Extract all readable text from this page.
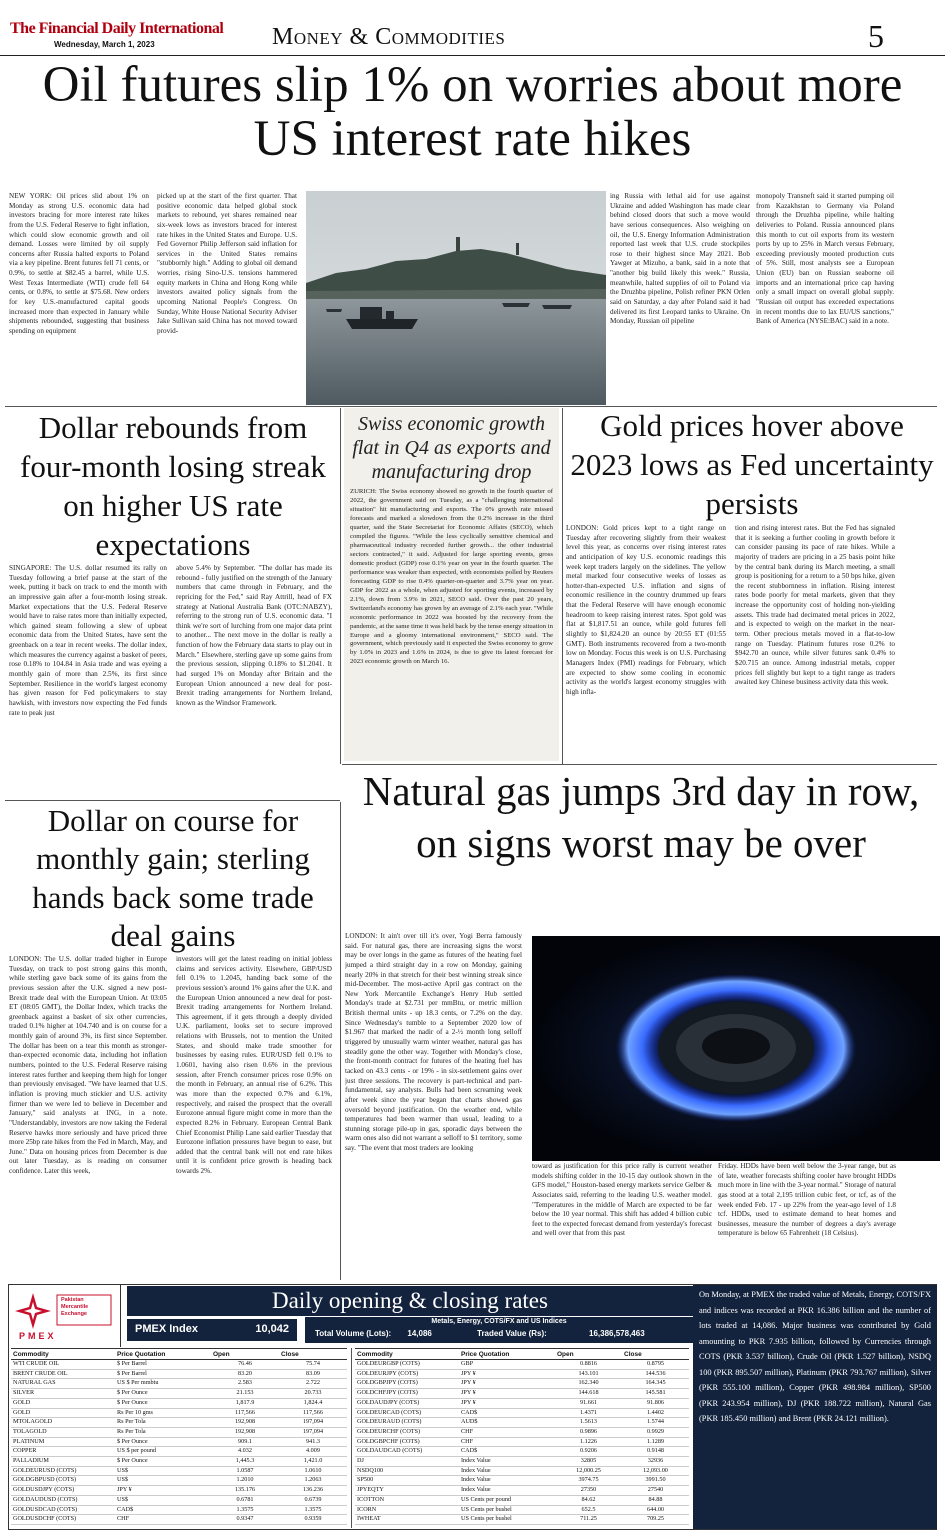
The Financial Daily International
Wednesday, March 1, 2023	Money & Commodities	5
Oil futures slip 1% on worries about more US interest rate hikes
NEW YORK: Oil prices slid about 1% on Monday as strong U.S. economic data had investors bracing for more interest rate hikes from the U.S. Federal Reserve to fight inflation, which could slow economic growth and oil demand. Losses were limited by oil supply concerns after Russia halted exports to Poland via a key pipeline. Brent futures fell 71 cents, or 0.9%, to settle at $82.45 a barrel, while U.S. West Texas Intermediate (WTI) crude fell 64 cents, or 0.8%, to settle at $75.68. New orders for key U.S.-manufactured capital goods increased more than expected in January while shipments rebounded, suggesting that business spending on equipment
picked up at the start of the first quarter. That positive economic data helped global stock markets to rebound, yet shares remained near six-week lows as investors braced for interest rate hikes in the United States and Europe. U.S. Fed Governor Philip Jefferson said inflation for services in the United States remains "stubbornly high." Adding to global oil demand worries, rising Sino-U.S. tensions hammered equity markets in China and Hong Kong while investors awaited policy signals from the upcoming National People's Congress. On Sunday, White House National Security Adviser Jake Sullivan said China has not moved toward provid-
ing Russia with lethal aid for use against Ukraine and added Washington has made clear behind closed doors that such a move would have serious consequences. Also weighing on oil, the U.S. Energy Information Administration reported last week that U.S. crude stockpiles rose to their highest since May 2021. Bob Yawger at Mizuho, a bank, said in a note that "another big build likely this week." Russia, meanwhile, halted supplies of oil to Poland via the Druzhba pipeline, Polish refiner PKN Orlen said on Saturday, a day after Poland said it had delivered its first Leopard tanks to Ukraine. On Monday, Russian oil pipeline
monopoly Transneft said it started pumping oil from Kazakhstan to Germany via Poland through the Druzhba pipeline, while halting deliveries to Poland. Russia announced plans this month to cut oil exports from its western ports by up to 25% in March versus February, exceeding previously mooted production cuts of 5%. Still, most analysts see a European Union (EU) ban on Russian seaborne oil imports and an international price cap having only a small impact on overall global supply. "Russian oil output has exceeded expectations in recent months due to lax EU/US sanctions," Bank of America (NYSE:BAC) said in a note.
Dollar rebounds from four-month losing streak on higher US rate expectations
SINGAPORE: The U.S. dollar resumed its rally on Tuesday following a brief pause at the start of the week, putting it back on track to end the month with an impressive gain after a four-month losing streak. Market expectations that the U.S. Federal Reserve would have to raise rates more than initially expected, which gained steam following a slew of upbeat economic data from the United States, have sent the greenback on a tear in recent weeks. The dollar index, which measures the currency against a basket of peers, rose 0.18% to 104.84 in Asia trade and was eyeing a monthly gain of more than 2.5%, its first since September. Resilience in the world's largest economy has given reason for Fed policymakers to stay hawkish, with investors now expecting the Fed funds rate to peak just
above 5.4% by September. "The dollar has made its rebound - fully justified on the strength of the January numbers that came through in February, and the repricing for the Fed," said Ray Attrill, head of FX strategy at National Australia Bank (OTC:NABZY), referring to the strong run of U.S. economic data. "I think we're sort of lurching from one major data print to another... The next move in the dollar is really a function of how the February data starts to play out in March." Elsewhere, sterling gave up some gains from the previous session, slipping 0.18% to $1.2041. It had surged 1% on Monday after Britain and the European Union announced a new deal for post-Brexit trading arrangements for Northern Ireland, known as the Windsor Framework.
Swiss economic growth flat in Q4 as exports and manufacturing drop
ZURICH: The Swiss economy showed no growth in the fourth quarter of 2022, the government said on Tuesday, as a "challenging international situation" hit manufacturing and exports. The 0% growth rate missed forecasts and marked a slowdown from the 0.2% increase in the third quarter, said the State Secretariat for Economic Affairs (SECO), which compiled the figures. "While the less cyclically sensitive chemical and pharmaceutical industry recorded further growth... the other industrial sectors contracted," it said. Adjusted for large sporting events, gross domestic product (GDP) rose 0.1% year on year in the fourth quarter. The performance was weaker than expected, with economists polled by Reuters forecasting GDP to rise 0.4% quarter-on-quarter and 3.7% year on year. GDP for 2022 as a whole, when adjusted for sporting events, increased by 2.1%, down from 3.9% in 2021, SECO said. Over the past 20 years, Switzerland's economy has grown by an average of 2.1% each year. "While economic performance in 2022 was boosted by the recovery from the pandemic, at the same time it was held back by the tense energy situation in Europe and a gloomy international environment," SECO said. The government, which previously said it expected the Swiss economy to grow by 1.0% in 2023 and 1.6% in 2024, is due to give its latest forecast for 2023 economic growth on March 16.
Gold prices hover above 2023 lows as Fed uncertainty persists
LONDON: Gold prices kept to a tight range on Tuesday after recovering slightly from their weakest level this year, as concerns over rising interest rates and anticipation of key U.S. economic readings this week kept traders largely on the sidelines. The yellow metal marked four consecutive weeks of losses as hotter-than-expected U.S. inflation and signs of economic resilience in the country drummed up fears that the Federal Reserve will have enough economic headroom to keep raising interest rates. Spot gold was flat at $1,817.51 an ounce, while gold futures fell slightly to $1,824.20 an ounce by 20:55 ET (01:55 GMT). Both instruments recovered from a two-month low on Monday. Focus this week is on U.S. Purchasing Managers Index (PMI) readings for February, which are expected to show some cooling in economic activity as the world's largest economy struggles with high infla-
tion and rising interest rates. But the Fed has signaled that it is seeking a further cooling in growth before it can consider pausing its pace of rate hikes. While a majority of traders are pricing in a 25 basis point hike by the central bank during its March meeting, a small group is positioning for a return to a 50 bps hike, given the recent stubbornness in inflation. Rising interest rates bode poorly for metal markets, given that they increase the opportunity cost of holding non-yielding assets. This trade had decimated metal prices in 2022, and is expected to weigh on the market in the near-term. Other precious metals moved in a flat-to-low range on Tuesday. Platinum futures rose 0.2% to $942.70 an ounce, while silver futures sank 0.4% to $20.715 an ounce. Among industrial metals, copper prices fell slightly but kept to a tight range as traders awaited key Chinese business activity data this week.
Dollar on course for monthly gain; sterling hands back some trade deal gains
LONDON: The U.S. dollar traded higher in Europe Tuesday, on track to post strong gains this month, while sterling gave back some of its gains from the previous session after the U.K. signed a new post-Brexit trade deal with the European Union. At 03:05 ET (08:05 GMT), the Dollar Index, which tracks the greenback against a basket of six other currencies, traded 0.1% higher at 104.740 and is on course for a monthly gain of around 3%, its first since September. The dollar has been on a tear this month as stronger-than-expected economic data, including hot inflation numbers, pointed to the U.S. Federal Reserve raising interest rates further and keeping them high for longer than previously envisaged. "We have learned that U.S. inflation is proving much stickier and U.S. activity firmer than we were led to believe in December and January," said analysts at ING, in a note. "Understandably, investors are now taking the Federal Reserve hawks more seriously and have priced three more 25bp rate hikes from the Fed in March, May, and June." Data on housing prices from December is due out later Tuesday, as is reading on consumer confidence. Later this week,
investors will get the latest reading on initial jobless claims and services activity. Elsewhere, GBP/USD fell 0.1% to 1.2045, handing back some of the previous session's around 1% gains after the U.K. and the European Union announced a new deal for post-Brexit trading arrangements for Northern Ireland. This agreement, if it gets through a deeply divided U.K. parliament, looks set to secure improved relations with Brussels, not to mention the United States, and should make trade smoother for businesses by easing rules. EUR/USD fell 0.1% to 1.0601, having also risen 0.6% in the previous session, after French consumer prices rose 0.9% on the month in February, an annual rise of 6.2%. This was more than the expected 0.7% and 6.1%, respectively, and raised the prospect that the overall Eurozone annual figure might come in more than the expected 8.2% in February. European Central Bank Chief Economist Philip Lane said earlier Tuesday that Eurozone inflation pressures have begun to ease, but added that the central bank will not end rate hikes until it is confident price growth is heading back towards 2%.
Natural gas jumps 3rd day in row, on signs worst may be over
LONDON: It ain't over till it's over, Yogi Berra famously said. For natural gas, there are increasing signs the worst may be over longs in the game as futures of the heating fuel jumped a third straight day in a row on Monday, gaining nearly 20% in that stretch for their best winning streak since mid-December. The most-active April gas contract on the New York Mercantile Exchange's Henry Hub settled Monday's trade at $2.731 per mmBtu, or metric million British thermal units - up 18.3 cents, or 7.2% on the day. Since Wednesday's tumble to a September 2020 low of $1.967 that marked the nadir of a 2-½ month long selloff triggered by unusually warm winter weather, natural gas has steadily gone the other way. Together with Monday's close, the front-month contract for futures of the heating fuel has tacked on 43.3 cents - or 19% - in six-settlement gains over just three sessions. The recovery is part-technical and part-fundamental, say analysts. Bulls had been screaming week after week since the year began that charts showed gas oversold beyond justification. On the weather end, while temperatures had been warmer than usual, leading to a stunning storage pile-up in gas, sporadic days between the warm ones also did not warrant a selloff to $1 territory, some say. "The event that most traders are looking
toward as justification for this price rally is current weather models shifting colder in the 10-15 day outlook shown in the GFS model," Houston-based energy markets service Gelber & Associates said, referring to the leading U.S. weather model. "Temperatures in the middle of March are expected to be far below the 10 year normal. This shift has added 4 billion cubic feet to the expected forecast demand from yesterday's forecast and well over that from this past
Friday. HDDs have been well below the 3-year range, but as of late, weather forecasts shifting cooler have brought HDDs much more in line with the 3-year normal." Storage of natural gas stood at a total 2,195 trillion cubic feet, or tcf, as of the week ended Feb. 17 - up 22% from the year-ago level of 1.8 tcf. HDDs, used to estimate demand to heat homes and businesses, measure the number of degrees a day's average temperature is below 65 Fahrenheit (18 Celsius).
Pakistan Mercantile Exchange
PMEX
Daily opening & closing rates
PMEX Index	10,042
Metals, Energy, COTS/FX and US Indices
Total Volume (Lots): 14,086	Traded Value (Rs):	16,386,578,463
Commodity	Price Quotation	Open	Close
WTI CRUDE OIL	$ Per Barrel	76.46	75.74
BRENT CRUDE OIL	$ Per Barrel	83.20	83.09
NATURAL GAS	US $ Per mmbtu	2.583	2.722
SILVER	$ Per Ounce	21.153	20.733
GOLD	$ Per Ounce	1,817.9	1,824.4
GOLD	Rs Per 10 gms	117,566	117,566
MTOLAGOLD	Rs Per Tola	192,908	197,094
TOLAGOLD	Rs Per Tola	192,908	197,094
PLATINUM	$ Per Ounce	909.1	941.3
COPPER	US $ per pound	4.032	4.009
PALLADIUM	$ Per Ounce	1,445.3	1,421.0
GOLDEURUSD (COTS)	US$	1.0587	1.0610
GOLDGBPUSD (COTS)	US$	1.2010	1.2063
GOLDUSDJPY (COTS)	JPY ¥	135.176	136.236
GOLDAUDUSD (COTS)	US$	0.6781	0.6739
GOLDUSDCAD (COTS)	CAD$	1.3575	1.3575
GOLDUSDCHF (COTS)	CHF	0.9347	0.9359
Commodity	Price Quotation	Open	Close
GOLDEURGBP (COTS)	GBP	0.8816	0.8795
GOLDEURJPY (COTS)	JPY ¥	143.101	144.536
GOLDGBPJPY (COTS)	JPY ¥	162.340	164.345
GOLDCHFJPY (COTS)	JPY ¥	144.618	145.581
GOLDAUDJPY (COTS)	JPY ¥	91.661	91.806
GOLDEURCAD (COTS)	CAD$	1.4371	1.4402
GOLDEURAUD (COTS)	AUD$	1.5613	1.5744
GOLDEURCHF (COTS)	CHF	0.9896	0.9929
GOLDGBPCHF (COTS)	CHF	1.1226	1.1289
GOLDAUDCAD (COTS)	CAD$	0.9206	0.9148
DJ	Index Value	32805	32936
NSDQ100	Index Value	12,000.25	12,093.00
SP500	Index Value	3974.75	3991.50
JPYEQTY	Index Value	27350	27540
ICOTTON	US Cents per pound	84.62	84.88
ICORN	US Cents per bushel	652.5	644.00
IWHEAT	US Cents per bushel	711.25	709.25
On Monday, at PMEX the traded value of Metals, Energy, COTS/FX and indices was recorded at PKR 16.386 billion and the number of lots traded at 14,086. Major business was contributed by Gold amounting to PKR 7.935 billion, followed by Currencies through COTS (PKR 3.537 billion), Crude Oil (PKR 1.527 billion), NSDQ 100 (PKR 895.507 million), Platinum (PKR 793.767 million), Silver (PKR 555.100 million), Copper (PKR 498.984 million), SP500 (PKR 243.954 million), DJ (PKR 188.722 million), Natural Gas (PKR 185.450 million) and Brent (PKR 24.121 million).
